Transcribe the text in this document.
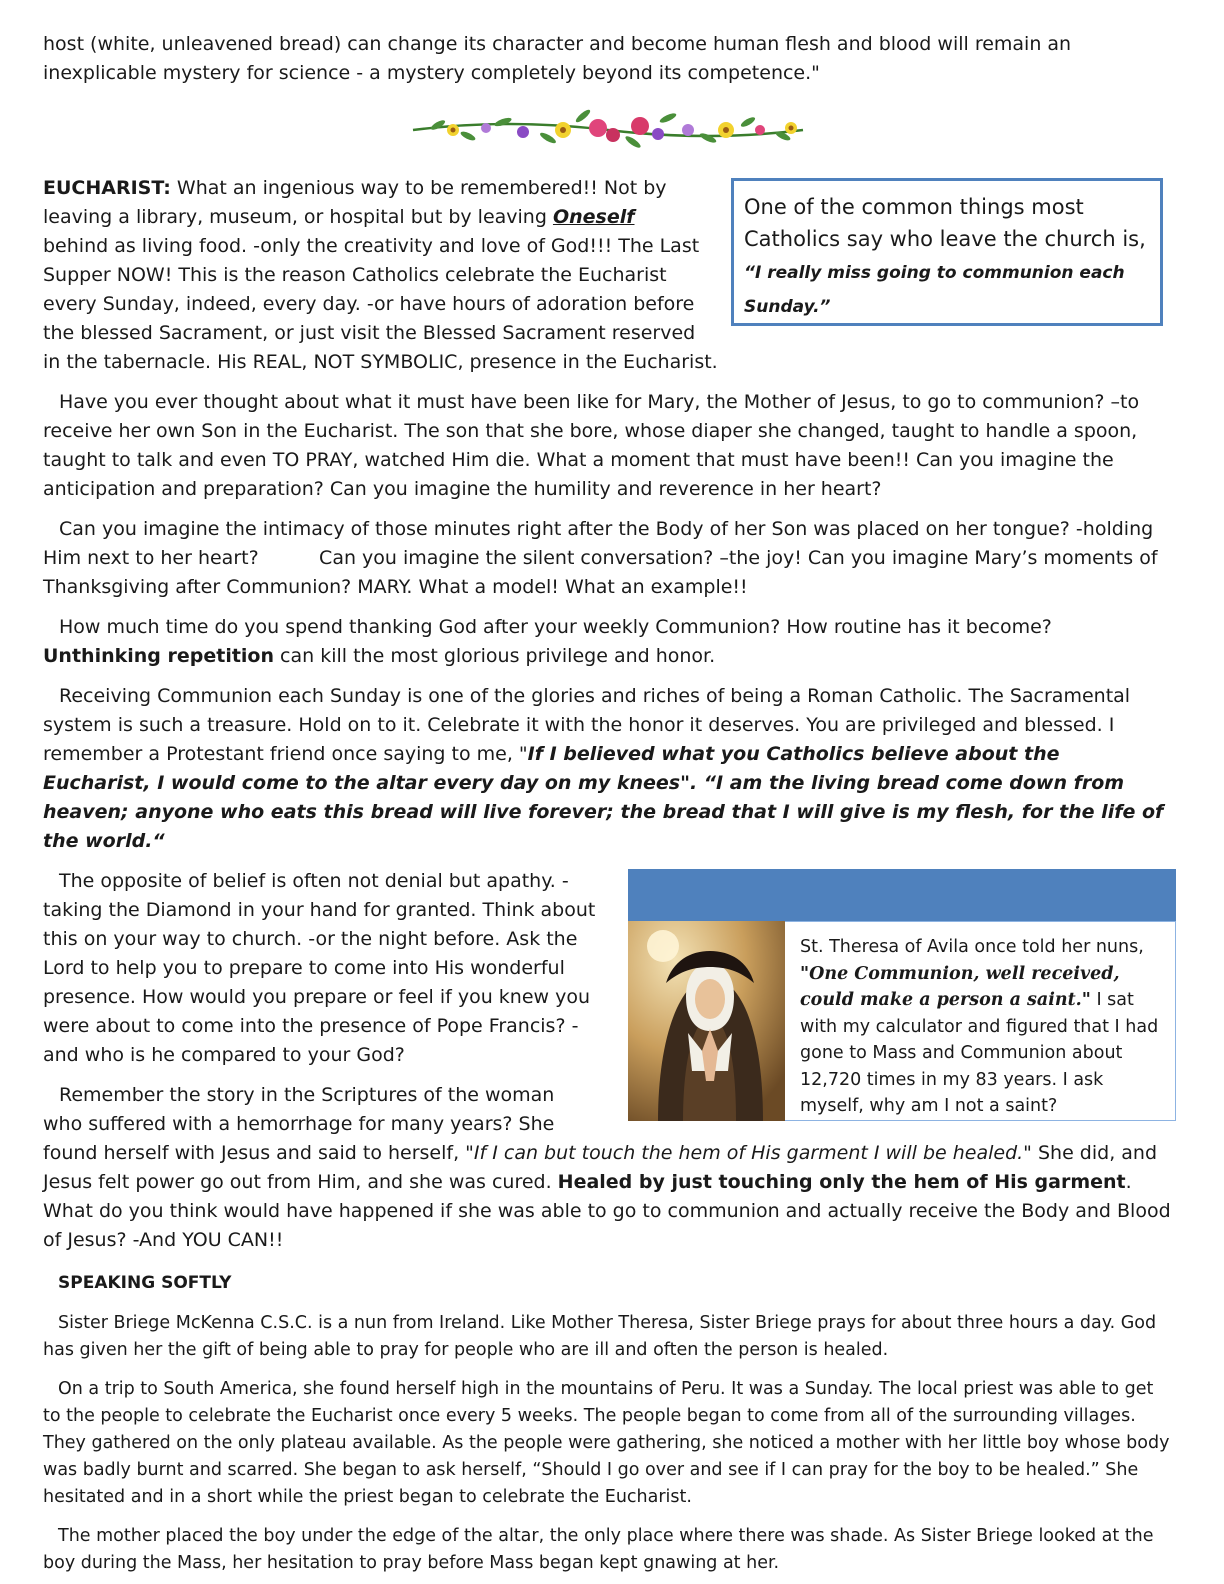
host (white, unleavened bread) can change its character and become human flesh and blood will remain an inexplicable mystery for science - a mystery completely beyond its competence."

One of the common things most Catholics say who leave the church is, “I really miss going to communion each Sunday.”

EUCHARIST: What an ingenious way to be remembered!! Not by leaving a library, museum, or hospital but by leaving Oneself behind as living food. -only the creativity and love of God!!! The Last Supper NOW! This is the reason Catholics celebrate the Eucharist every Sunday, indeed, every day. -or have hours of adoration before the blessed Sacrament, or just visit the Blessed Sacrament reserved in the tabernacle. His REAL, NOT SYMBOLIC, presence in the Eucharist.

Have you ever thought about what it must have been like for Mary, the Mother of Jesus, to go to communion? –to receive her own Son in the Eucharist. The son that she bore, whose diaper she changed, taught to handle a spoon, taught to talk and even TO PRAY, watched Him die. What a moment that must have been!! Can you imagine the anticipation and preparation? Can you imagine the humility and reverence in her heart?

Can you imagine the intimacy of those minutes right after the Body of her Son was placed on her tongue? -holding Him next to her heart?          Can you imagine the silent conversation? –the joy! Can you imagine Mary’s moments of Thanksgiving after Communion? MARY. What a model! What an example!!

How much time do you spend thanking God after your weekly Communion? How routine has it become? Unthinking repetition can kill the most glorious privilege and honor.

Receiving Communion each Sunday is one of the glories and riches of being a Roman Catholic. The Sacramental system is such a treasure. Hold on to it. Celebrate it with the honor it deserves. You are privileged and blessed. I remember a Protestant friend once saying to me, "If I believed what you Catholics believe about the Eucharist, I would come to the altar every day on my knees". “I am the living bread come down from heaven; anyone who eats this bread will live forever; the bread that I will give is my flesh, for the life of the world.“

St. Theresa of Avila once told her nuns, "One Communion, well received, could make a person a saint." I sat with my calculator and figured that I had gone to Mass and Communion about 12,720 times in my 83 years. I ask myself, why am I not a saint?

The opposite of belief is often not denial but apathy. -taking the Diamond in your hand for granted. Think about this on your way to church. -or the night before. Ask the Lord to help you to prepare to come into His wonderful presence. How would you prepare or feel if you knew you were about to come into the presence of Pope Francis? - and who is he compared to your God?

Remember the story in the Scriptures of the woman who suffered with a hemorrhage for many years? She found herself with Jesus and said to herself, "If I can but touch the hem of His garment I will be healed." She did, and Jesus felt power go out from Him, and she was cured. Healed by just touching only the hem of His garment. What do you think would have happened if she was able to go to communion and actually receive the Body and Blood of Jesus? -And YOU CAN!!

SPEAKING SOFTLY

Sister Briege McKenna C.S.C. is a nun from Ireland. Like Mother Theresa, Sister Briege prays for about three hours a day. God has given her the gift of being able to pray for people who are ill and often the person is healed.

On a trip to South America, she found herself high in the mountains of Peru. It was a Sunday. The local priest was able to get to the people to celebrate the Eucharist once every 5 weeks. The people began to come from all of the surrounding villages. They gathered on the only plateau available. As the people were gathering, she noticed a mother with her little boy whose body was badly burnt and scarred. She began to ask herself, “Should I go over and see if I can pray for the boy to be healed.” She hesitated and in a short while the priest began to celebrate the Eucharist.

The mother placed the boy under the edge of the altar, the only place where there was shade. As Sister Briege looked at the boy during the Mass, her hesitation to pray before Mass began kept gnawing at her.
